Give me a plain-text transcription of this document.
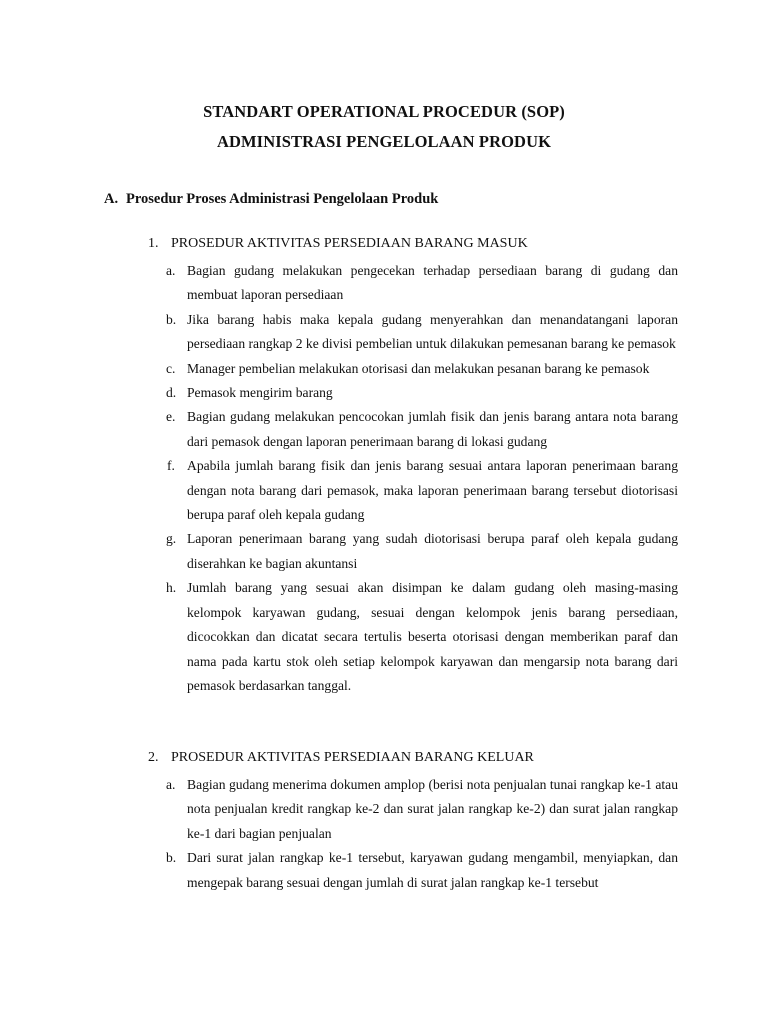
STANDART OPERATIONAL PROCEDUR (SOP)
ADMINISTRASI PENGELOLAAN PRODUK
A. Prosedur Proses Administrasi Pengelolaan Produk
1. PROSEDUR AKTIVITAS PERSEDIAAN BARANG MASUK
a. Bagian gudang melakukan pengecekan terhadap persediaan barang di gudang dan membuat laporan persediaan
b. Jika barang habis maka kepala gudang menyerahkan dan menandatangani laporan persediaan rangkap 2 ke divisi pembelian untuk dilakukan pemesanan barang ke pemasok
c. Manager pembelian melakukan otorisasi dan melakukan pesanan barang ke pemasok
d. Pemasok mengirim barang
e. Bagian gudang melakukan pencocokan jumlah fisik dan jenis barang antara nota barang dari pemasok dengan laporan penerimaan barang di lokasi gudang
f. Apabila jumlah barang fisik dan jenis barang sesuai antara laporan penerimaan barang dengan nota barang dari pemasok, maka laporan penerimaan barang tersebut diotorisasi berupa paraf oleh kepala gudang
g. Laporan penerimaan barang yang sudah diotorisasi berupa paraf oleh kepala gudang diserahkan ke bagian akuntansi
h. Jumlah barang yang sesuai akan disimpan ke dalam gudang oleh masing-masing kelompok karyawan gudang, sesuai dengan kelompok jenis barang persediaan, dicocokkan dan dicatat secara tertulis beserta otorisasi dengan memberikan paraf dan nama pada kartu stok oleh setiap kelompok karyawan dan mengarsip nota barang dari pemasok berdasarkan tanggal.
2. PROSEDUR AKTIVITAS PERSEDIAAN BARANG KELUAR
a. Bagian gudang menerima dokumen amplop (berisi nota penjualan tunai rangkap ke-1 atau nota penjualan kredit rangkap ke-2 dan surat jalan rangkap ke-2) dan surat jalan rangkap ke-1 dari bagian penjualan
b. Dari surat jalan rangkap ke-1 tersebut, karyawan gudang mengambil, menyiapkan, dan mengepak barang sesuai dengan jumlah di surat jalan rangkap ke-1 tersebut
